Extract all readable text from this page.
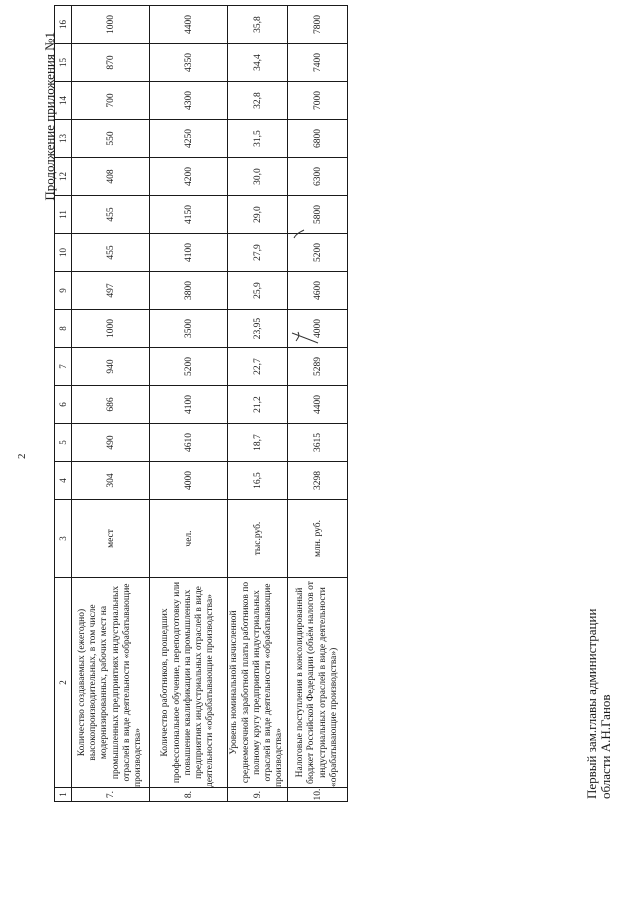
2
Продолжение приложения №1
1	2	3	4	5	6	7	8	9	10	11	12	13	14	15	16
7.	Количество создаваемых (ежегодно) высокопроизводительных, в том числе модернизированных, рабочих мест на промышленных предприятиях индустриальных отраслей в виде деятельности «обрабатывающие производства»	мест	304	490	686	940	1000	497	455	455	408	550	700	870	1000
8.	Количество работников, прошедших профессиональное обучение, переподготовку или повышение квалификации на промышленных предприятиях индустриальных отраслей в виде деятельности «обрабатывающие производства»	чел.	4000	4610	4100	5200	3500	3800	4100	4150	4200	4250	4300	4350	4400
9.	Уровень номинальной начисленной среднемесячной заработной платы работников по полному кругу предприятий индустриальных отраслей в виде деятельности «обрабатывающие производства»	тыс.руб.	16,5	18,7	21,2	22,7	23,95	25,9	27,9	29,0	30,0	31,5	32,8	34,4	35,8
10.	Налоговые поступления в консолидированный бюджет Российской Федерации (объём налогов от индустриальных отраслей в виде деятельности «обрабатывающие производства»)	млн. руб.	3298	3615	4400	5289	4000	4600	5200	5800	6300	6800	7000	7400	7800
Первый зам.главы администрации области А.Н.Ганов
